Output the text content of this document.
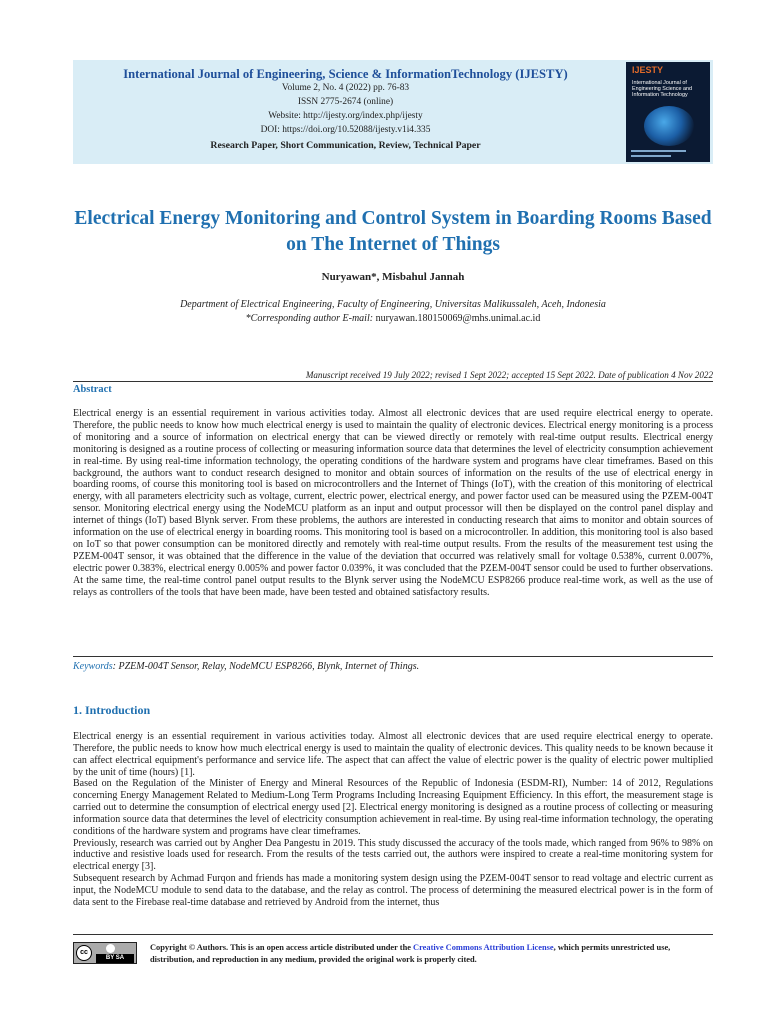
International Journal of Engineering, Science & InformationTechnology (IJESTY)
Volume 2, No. 4 (2022) pp. 76-83
ISSN 2775-2674 (online)
Website: http://ijesty.org/index.php/ijesty
DOI: https://doi.org/10.52088/ijesty.v1i4.335
Research Paper, Short Communication, Review, Technical Paper
IJESTY
International Journal of Engineering Science and Information Technology
Electrical Energy Monitoring and Control System in Boarding Rooms Based on The Internet of Things
Nuryawan*, Misbahul Jannah
Department of Electrical Engineering, Faculty of Engineering, Universitas Malikussaleh, Aceh, Indonesia
*Corresponding author E-mail: nuryawan.180150069@mhs.unimal.ac.id
Manuscript received 19 July 2022; revised 1 Sept 2022; accepted 15 Sept 2022. Date of publication 4 Nov 2022
Abstract
Electrical energy is an essential requirement in various activities today. Almost all electronic devices that are used require electrical energy to operate. Therefore, the public needs to know how much electrical energy is used to maintain the quality of electronic devices. Electrical energy monitoring is a process of monitoring and a source of information on electrical energy that can be viewed directly or remotely with real-time output results. Electrical energy monitoring is designed as a routine process of collecting or measuring information source data that determines the level of electricity consumption achievement in real-time. By using real-time information technology, the operating conditions of the hardware system and programs have clear timeframes. Based on this background, the authors want to conduct research designed to monitor and obtain sources of information on the results of the use of electrical energy in boarding rooms, of course this monitoring tool is based on microcontrollers and the Internet of Things (IoT), with the creation of this monitoring of electrical energy, with all parameters electricity such as voltage, current, electric power, electrical energy, and power factor used can be measured using the PZEM-004T sensor. Monitoring electrical energy using the NodeMCU platform as an input and output processor will then be displayed on the control panel display and internet of things (IoT) based Blynk server. From these problems, the authors are interested in conducting research that aims to monitor and obtain sources of information on the use of electrical energy in boarding rooms. This monitoring tool is based on a microcontroller. In addition, this monitoring tool is also based on IoT so that power consumption can be monitored directly and remotely with real-time output results. From the results of the measurement test using the PZEM-004T sensor, it was obtained that the difference in the value of the deviation that occurred was relatively small for voltage 0.538%, current 0.007%, electric power 0.383%, electrical energy 0.005% and power factor 0.039%, it was concluded that the PZEM-004T sensor could be used to further observations. At the same time, the real-time control panel output results to the Blynk server using the NodeMCU ESP8266 produce real-time work, as well as the use of relays as controllers of the tools that have been made, have been tested and obtained satisfactory results.
Keywords: PZEM-004T Sensor, Relay, NodeMCU ESP8266, Blynk, Internet of Things.
1. Introduction

Electrical energy is an essential requirement in various activities today. Almost all electronic devices that are used require electrical energy to operate. Therefore, the public needs to know how much electrical energy is used to maintain the quality of electronic devices. This quality needs to be known because it can affect electrical equipment's performance and service life. The aspect that can affect the value of electric power is the quality of electric power multiplied by the unit of time (hours) [1].

Based on the Regulation of the Minister of Energy and Mineral Resources of the Republic of Indonesia (ESDM-RI), Number: 14 of 2012, Regulations concerning Energy Management Related to Medium-Long Term Programs Including Increasing Equipment Efficiency. In this effort, the measurement stage is carried out to determine the consumption of electrical energy used [2]. Electrical energy monitoring is designed as a routine process of collecting or measuring information source data that determines the level of electricity consumption achievement in real-time. By using real-time information technology, the operating conditions of the hardware system and programs have clear timeframes.

Previously, research was carried out by Angher Dea Pangestu in 2019. This study discussed the accuracy of the tools made, which ranged from 96% to 98% on inductive and resistive loads used for research. From the results of the tests carried out, the authors were inspired to create a real-time monitoring system for electrical energy [3].

Subsequent research by Achmad Furqon and friends has made a monitoring system design using the PZEM-004T sensor to read voltage and electric current as input, the NodeMCU module to send data to the database, and the relay as control. The process of determining the measured electrical power is in the form of data sent to the Firebase real-time database and retrieved by Android from the internet, thus

cc
BY SA
Copyright © Authors. This is an open access article distributed under the Creative Commons Attribution License, which permits unrestricted use, distribution, and reproduction in any medium, provided the original work is properly cited.
